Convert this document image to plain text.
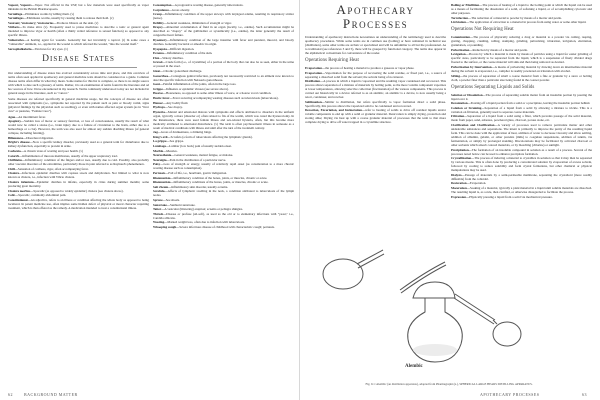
Vapour, Vapours—Vapor. Not official in the USP, but a few materials were used specifically as vapor inhalants in the British Pharmacopoeia.
Vermifuge—Eliminates worms by killing them. (v)
Vermifuges—Eliminates worms, usually by causing them to release their hold. (v)
Vesicant; Vesicatory; Vesicatories—Produces blisters on the skin. (v)
Vitifacts—To make alive (v). Frequently used to praise medicines to describe a tonic or general agent intended to improve vigor or health (often a thinly veiled reference to sexual function) as opposed to any specific illness.
Vulneraries—A healing agent for wounds. Generally but not invariably a topical. (i) In some cases a "vulnerable" ointment, i.e., applied in the wound to which referred the wound, "into the wound itself."
Sarcophalkalaria—Tinctures for dry eyes. (v)
Disease States
Our understanding of disease states has evolved considerably across time and place, and this overview of terms often seen applied in apothecary and general medicine texts should be considered as a guide. Common disease terms often differ in what they mean. Some names for this list is complete, so there is no single source with which to date such a glossary of terms. Rather, it is an examination of terms found in the literature and ad hoc sources of how I have encountered in my research. Terms commonly understood today are not included in general usage in the literature, such as "cancer."
Some diseases are referred specifically in general medicine usage, but the concepts of disease are often associated with symptoms (i.e., symptoms not reported by the patient such as pain or bloody vomit, signs (physical findings by the physician such as swelling), or even with names affected organ system (as in "liver cure" or pustules, "Female Cure").
Ague—An intermittent fever.
Apoplexy—Sudden loss of motor or sensory function, or loss of consciousness, usually the result of what would now be called a stroke (i.e., brain injury due to a failure of circulation to the brain, either due to a hemorrhage or a clot). However, the term was also used for almost any sudden disabling illness (of general collapse, including fainting).
Biliousness—Disordered digestion.
Bright's disease—Now a specific kidney disorder, previously used as a general term for disturbance due to kidney dysfunction, especially to protein in urine.
Cachexia—A chronic state of wasting and poor health. (v)
Catarrh—Inflammation of mucous membranes, usually of the upper respiratory tract.
Chilblains—Inflammatory condition of the fingers and/or toes, usually due to cold. Possibly, also probably other vascular disorders of the extremities, particularly those in pain referred to as Raynaud's phenomenon.
Chill—Sensation of coldness, rigor, often accompanying fever.
Cholera—Infectious epidemic diarrhea with copious stools and dehydration. Not limited to what is now known as cholera, i.e., infection with Vibrio cholera.
Cholera infantum—Epidemic diarrhea in infants, especially in cities during summer months; some producing great mortality.
Cholera morbus—Sporadic (as opposed to widely epidemic) cholera (see cholera above).
Colic—Sporadic, commonly abdominal pain.
Constitutional—An adjective, refers to an illness or condition affecting the whole body as opposed to being localized. In patent medicine use, often implies some hidden defect of physical or moral character requiring treatment, which is then offered as the remedy. A medication intended to treat a constitutional illness.
Consumption—A progressive wasting disease, generally tuberculosis.
Corpulence—Gross obesity.
Croup—Inflammatory condition of the upper airways with laryngeal edema, resulting in respiratory stridor (noise).
Debility—General weakness, diminution of strength or vigor.
Dropsy—Abnormal accumulation of fluid in an organ (locally, i.e., edema). Such accumulation might be described as "dropsy" of the gallbladder or systemically (i.e., edema), the latter generally the result of congestive heart failure.
Dysentery—Inflammatory condition of the large intestine with fever and purulent, mucoid, and bloody diarrhea. Generally bacterial or amoebic in origin.
Dyspepsia—Difficult digestion.
Eczema—Inflammatory condition of the skin.
Flux—Watery diarrhea.
Gravel—Crude form (i.e., of crystalline) of a portion of the body that can also be as seen, either in the urine or passed in the stool.
Gleet—Chronic gonorrheal discharge.
Gonorrhea—Contagious genital infection, previously not necessarily restricted to an ailment now known to describe specific infection with Neisseria gonorrhoeae.
Gout—Painful inflammation of the joints, often in the large toes.
Grippe—Influenza or epidemic viruses (see severe above).
Hoarse—Hoarseness, as opposed to some other illness of voice, or a hoarse vocal condition.
Hectic fever—Fever recurring accompanying wasting diseases such as tuberculosis (tuberculous).
Humor—Any bodily fluid.
Hydrops—See dropsy.
Hysteria—Mental and emotional distress with symptoms and effects attributed to disorders in the uniform organ, typically a more (disorder or) often related to fits of the womb, which was cured the hysterectomy. In the Renaissance, there were used female illness and sex-related hysteria, often, but this became more medically attributed to emotional disturbance. (v) The term is often psychosomatic illness in someone as a result of medical conditions with illness and until after the turn of the twentieth century.
Jag—Gross of drunkenness, a drinking binge.
King's evil—Scrofula (a form of tuberculosis affecting the lymphatic glands).
La grippe—See grippe.
Lumbago—Lumbar (low back) pain of usually sudden onset.
Marble—Measles.
Neurasthenia—General weakness, mental fatigue, or malaise.
Neuralgia—Pain in the distribution of a particular nerve.
Palsy—Loss of strength or energy, usually of relatively rapid onset (as consideration to a more chronic wasting disease such as consumption).
Pertussis—Fall of life, i.e., heartburn, gastric indigestion.
Rheumatism—Inflammatory condition of the bones, joints, or muscles, chronic or acute.
Rheumatism—Inflammatory conditions of the bones, joints, or muscles, chronic or acute.
Salt rheum—Inflammatory skin disorder, usually eczema.
Scrofula—Affects of lymphatic swelling in the neck, a condition attributed to tuberculosis of the lymph nodes.
Spruce—See shoals.
Sunstroke—Sunburnt sunstroke.
Tetter—A vesicular (blistering) eruption; eczema or pellagra shingles.
Thrush—Disease or profuse (oil-soft), as used as the old or to elementary infections with "yeast," i.e., Candida albicans.
Wasting—Marked weight loss, often due to infection with tuberculosis.
Whooping cough—Severe infectious disease of childhood with characteristic cough; pertussis.
62	BACKGROUND MATTER
Apothecary
Processes
Understanding of apothecary instructions necessitates an understanding of the terminology used to describe apothecary procedures. While some terms are in common use (boiling) or have remained in technical use (distillation), some other terms are archaic or specialized and will be unfamiliar to all but the professional. As to traditional (see references 3 and 5), there will be grouped by functional category. The terms also appear in the alphabetical conventions for convenience of the reader.
Operations Requiring Heat
Evaporation—the process of heating a material to produce a gaseous or vapor phase.
Evaporation—Vaporization for the purpose of recovering the solid residue, or fixed part, i.e., a source of separating a dissolved solid from the solvent; the solvent being of no interest.
Distillation—A process in which a liquid is vaporized and the resulting vapor condensed and recovered. This process allows separation of a mixture of materials by boiling point, as the more volatile component vaporizes at lower temperatures, allowing selective collection (fractionation) of the various components. This process is carried out historically in a device referred to as an alembic, an alembic is a device, is now usually being a retort, condenser, and receiver.
Sublimation—Similar to distillation, but refers specifically to vapor formation direct a solid phase. Specifically, this process allows the vaporized solid to be condensed and recovered.
Decoction, Excoriation, and Incineration—refer to heating of solids to drive off residual liquids and/or volatile components to end up with a solid or granular material. Desiccation is simply drying, protection and storing alike; Drying via heat up with a coarse granular material of processes that the term to that more complete drying to drive off water trapped in a crystalline structure.
Boiling or Ebullition—The process of heating of a liquid to the boiling point at which the liquid can be used as a means of facilitating the dissolution of a solid, of softening a liquid, or of accomplishing cytotoxic and other purposes.
Torrefaction—The reduction of a material to powder by means of a mortar and pestle.
Lixiviation—The application of extraction to a material in process from using water or some other liquid.
Operations Not Requiring Heat
Comminution—The process of physically reducing a drug or material to a powder via cutting, rasping, grating, chopping, crushing, rolling, stamping, grinding, pulverizing, trituration, levigation, elutriation, granulation, or pounding.
Pulverization—Reduction by means of a mortar and pestle.
Levigation—Process by which a material is made by means of particles using a liquid for easier grinding of specific sizes, particularly to be separated from the liquid, which is a suspension of finely divided drugs floated to the surface, or the coarse material will sink and then being removed as desired.
Pulverization by Intervention—A means of pulverizing material by drawing down an intermediate material during the solvent is evaporated, i.e., camphor is readily powdered on trituration with alcohol.
Sifting—the process of separation of small a coarse material from a fine or granular by a sieve or bolting cloth, a powder finer than a particular size being found in the coarser powder.
Operations Separating Liquids and Solids
Solution or Dissolution—The process of separating soluble matter from an insoluble portion by pouring the liquid over it.
Decantation—Pouring off a liquid portion from a solid or a precipitate, leaving the insoluble portion behind.
Colation or Straining—Separation of a liquid from a solid by allowing a mixture to trickle. This is a variation on filtration, generally used to separate coarse materials.
Filtration—Separation of a liquid from a solid using a filter, which prevents passage of the solid material, made from paper, sand, asbestos, powdered glass, charcoal, porous stone, etc.
Clarification and Clarification—A variety of processes used to remove particulate matter and other undesirable substances and separations. The intent is primarily to improve the purity of the resulting liquid form. This can be done with the application of heat, addition of water to decrease viscosity and allow settling, addition of albumin, gelatin, or other proteins (milk) to coagulate suspensions, addition of tannin, via fermentation, or simply by prolonged standing. Discolorations may be facilitated by activated charcoal or other sorbents which adsorb colored materials, or by bleaching (chlorine) or sunlight.
Precipitation—The formation of an insoluble compound in solution as a result of a process. Several of the processes noted below can be used to enhance precipitate formation.
Crystallization—The process of inducing a material to crystallize in solution so that it may then be separated by various means. This is often done by producing a concentrated solution by evaporation of excess solvent, followed by cooling to reduce solubility and form crystal formations, but other chemical or physical manipulations may be used.
Dialysis—Passage of materials by a semi-permeable membrane, separating the crystalloid (more readily diffusible) from the colloidal.
Desiccation—Evaporation.
Maceration—Soaking of a material, typically a plant material in a liquid until soluble materials are dissolved. The resulting liquid is, as a rule, then clarified, or otherwise disregarded to facilitate the process.
Expression—Physically pressing a liquid from a solid via mechanical pressure.
Alembic
Fig. 9.1: Alembic (an distillation apparatus), adapted from Pharmagraphi (n.), SPHERICAL LARGE HEARS DISTILLING APPARATUS.
APOTHECARY PROCESSES	63
